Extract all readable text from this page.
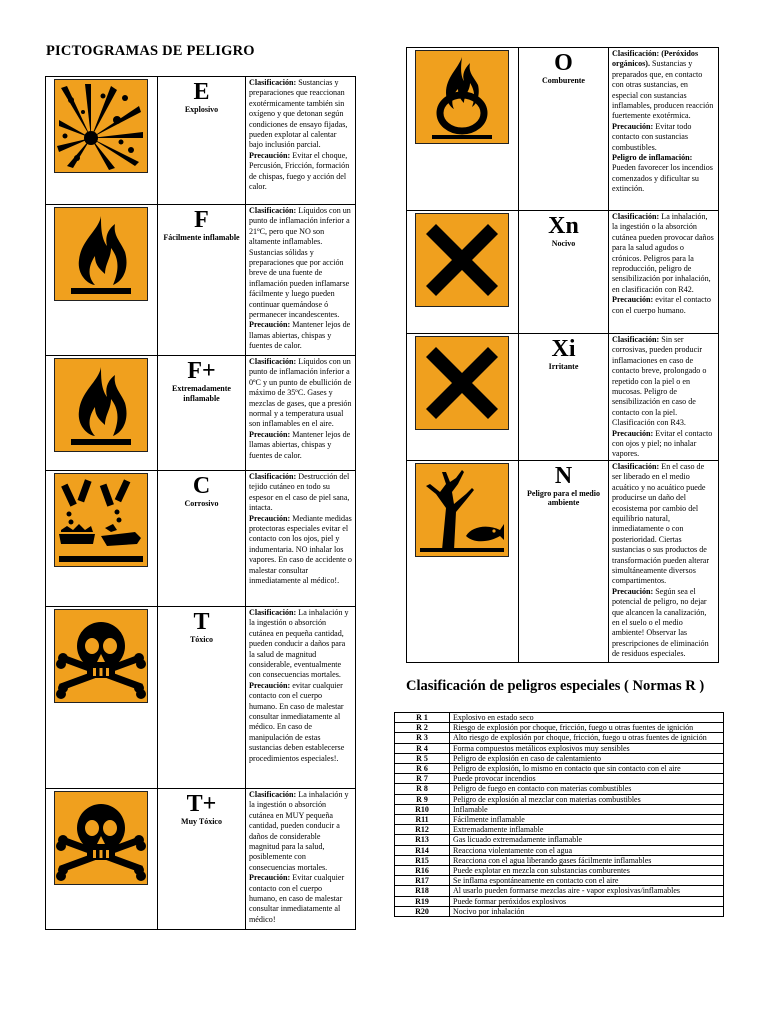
PICTOGRAMAS DE PELIGRO

E
Explosivo	Clasificación: Sustancias y preparaciones que reaccionan exotérmicamente también sin oxígeno y que detonan según condiciones de ensayo fijadas, pueden explotar al calentar bajo inclusión parcial.
Precaución: Evitar el choque, Percusión, Fricción, formación de chispas, fuego y acción del calor.

F
Fácilmente inflamable	Clasificación: Líquidos con un punto de inflamación inferior a 21ºC, pero que NO son altamente inflamables. Sustancias sólidas y preparaciones que por acción breve de una fuente de inflamación pueden inflamarse fácilmente y luego pueden continuar quemándose ó permanecer incandescentes.
Precaución: Mantener lejos de llamas abiertas, chispas y fuentes de calor.

F+
Extremadamente inflamable	Clasificación: Líquidos con un punto de inflamación inferior a 0ºC y un punto de ebullición de máximo de 35ºC. Gases y mezclas de gases, que a presión normal y a temperatura usual son inflamables en el aire.
Precaución: Mantener lejos de llamas abiertas, chispas y fuentes de calor.

C
Corrosivo	Clasificación: Destrucción del tejido cutáneo en todo su espesor en el caso de piel sana, intacta.
Precaución: Mediante medidas protectoras especiales evitar el contacto con los ojos, piel y indumentaria. NO inhalar los vapores. En caso de accidente o malestar consultar inmediatamente al médico!.

T
Tóxico	Clasificación: La inhalación y la ingestión o absorción cutánea en pequeña cantidad, pueden conducir a daños para la salud de magnitud considerable, eventualmente con consecuencias mortales.
Precaución: evitar cualquier contacto con el cuerpo humano. En caso de malestar consultar inmediatamente al médico. En caso de manipulación de estas sustancias deben establecerse procedimientos especiales!.

T+
Muy Tóxico	Clasificación: La inhalación y la ingestión o absorción cutánea en MUY pequeña cantidad, pueden conducir a daños de considerable magnitud para la salud, posiblemente con consecuencias mortales.
Precaución: Evitar cualquier contacto con el cuerpo humano, en caso de malestar consultar inmediatamente al médico!

O
Comburente	Clasificación: (Peróxidos orgánicos). Sustancias y preparados que, en contacto con otras sustancias, en especial con sustancias inflamables, producen reacción fuertemente exotérmica.
Precaución: Evitar todo contacto con sustancias combustibles.
Peligro de inflamación: Pueden favorecer los incendios comenzados y dificultar su extinción.

Xn
Nocivo	Clasificación: La inhalación, la ingestión o la absorción cutánea pueden provocar daños para la salud agudos o crónicos. Peligros para la reproducción, peligro de sensibilización por inhalación, en clasificación con R42.
Precaución: evitar el contacto con el cuerpo humano.

Xi
Irritante	Clasificación: Sin ser corrosivas, pueden producir inflamaciones en caso de contacto breve, prolongado o repetido con la piel o en mucosas. Peligro de sensibilización en caso de contacto con la piel. Clasificación con R43.
Precaución: Evitar el contacto con ojos y piel; no inhalar vapores.

N
Peligro para el medio ambiente	Clasificación: En el caso de ser liberado en el medio acuático y no acuático puede producirse un daño del ecosistema por cambio del equilibrio natural, inmediatamente o con posterioridad. Ciertas sustancias o sus productos de transformación pueden alterar simultáneamente diversos compartimentos.
Precaución: Según sea el potencial de peligro, no dejar que alcancen la canalización, en el suelo o el medio ambiente! Observar las prescripciones de eliminación de residuos especiales.
Clasificación de peligros especiales ( Normas R )
R 1	Explosivo en estado seco
R 2	Riesgo de explosión por choque, fricción, fuego u otras fuentes de ignición
R 3	Alto riesgo de explosión por choque, fricción, fuego u otras fuentes de ignición
R 4	Forma compuestos metálicos explosivos muy sensibles
R 5	Peligro de explosión en caso de calentamiento
R 6	Peligro de explosión, lo mismo en contacto que sin contacto con el aire
R 7	Puede provocar incendios
R 8	Peligro de fuego en contacto con materias combustibles
R 9	Peligro de explosión al mezclar con materias combustibles
R10	Inflamable
R11	Fácilmente inflamable
R12	Extremadamente inflamable
R13	Gas licuado extremadamente inflamable
R14	Reacciona violentamente con el agua
R15	Reacciona con el agua liberando gases fácilmente inflamables
R16	Puede explotar en mezcla con substancias comburentes
R17	Se inflama espontáneamente en contacto con el aire
R18	Al usarlo pueden formarse mezclas aire - vapor explosivas/inflamables
R19	Puede formar peróxidos explosivos
R20	Nocivo por inhalación
